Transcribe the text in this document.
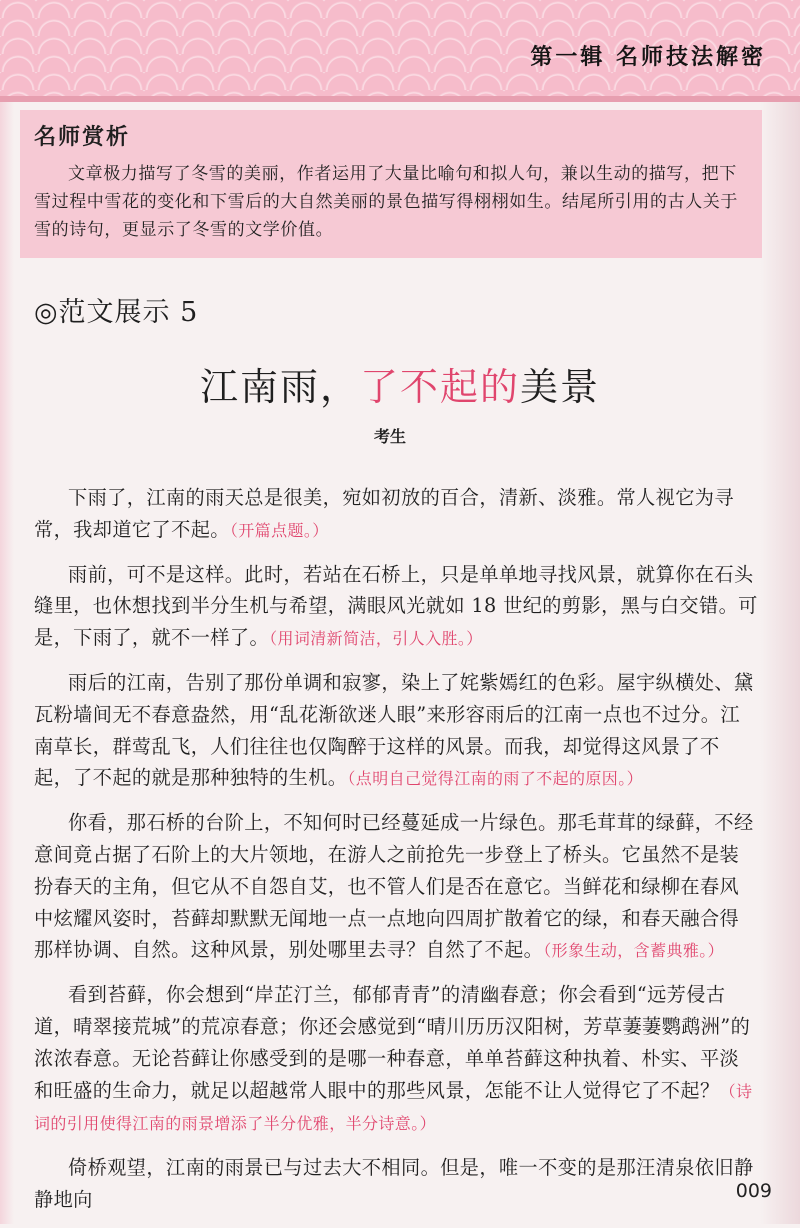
第一辑 名师技法解密
名师赏析
文章极力描写了冬雪的美丽，作者运用了大量比喻句和拟人句，兼以生动的描写，把下雪过程中雪花的变化和下雪后的大自然美丽的景色描写得栩栩如生。结尾所引用的古人关于雪的诗句，更显示了冬雪的文学价值。
◎范文展示 5
江南雨，了不起的美景
考生

下雨了，江南的雨天总是很美，宛如初放的百合，清新、淡雅。常人视它为寻常，我却道它了不起。（开篇点题。）

雨前，可不是这样。此时，若站在石桥上，只是单单地寻找风景，就算你在石头缝里，也休想找到半分生机与希望，满眼风光就如 18 世纪的剪影，黑与白交错。可是，下雨了，就不一样了。（用词清新简洁，引人入胜。）

雨后的江南，告别了那份单调和寂寥，染上了姹紫嫣红的色彩。屋宇纵横处、黛瓦粉墙间无不春意盎然，用“乱花渐欲迷人眼”来形容雨后的江南一点也不过分。江南草长，群莺乱飞，人们往往也仅陶醉于这样的风景。而我，却觉得这风景了不起，了不起的就是那种独特的生机。（点明自己觉得江南的雨了不起的原因。）

你看，那石桥的台阶上，不知何时已经蔓延成一片绿色。那毛茸茸的绿藓，不经意间竟占据了石阶上的大片领地，在游人之前抢先一步登上了桥头。它虽然不是装扮春天的主角，但它从不自怨自艾，也不管人们是否在意它。当鲜花和绿柳在春风中炫耀风姿时，苔藓却默默无闻地一点一点地向四周扩散着它的绿，和春天融合得那样协调、自然。这种风景，别处哪里去寻？自然了不起。（形象生动，含蓄典雅。）

看到苔藓，你会想到“岸芷汀兰，郁郁青青”的清幽春意；你会看到“远芳侵古道，晴翠接荒城”的荒凉春意；你还会感觉到“晴川历历汉阳树，芳草萋萋鹦鹉洲”的浓浓春意。无论苔藓让你感受到的是哪一种春意，单单苔藓这种执着、朴实、平淡和旺盛的生命力，就足以超越常人眼中的那些风景，怎能不让人觉得它了不起？（诗词的引用使得江南的雨景增添了半分优雅，半分诗意。）

倚桥观望，江南的雨景已与过去大不相同。但是，唯一不变的是那汪清泉依旧静静地向	009
